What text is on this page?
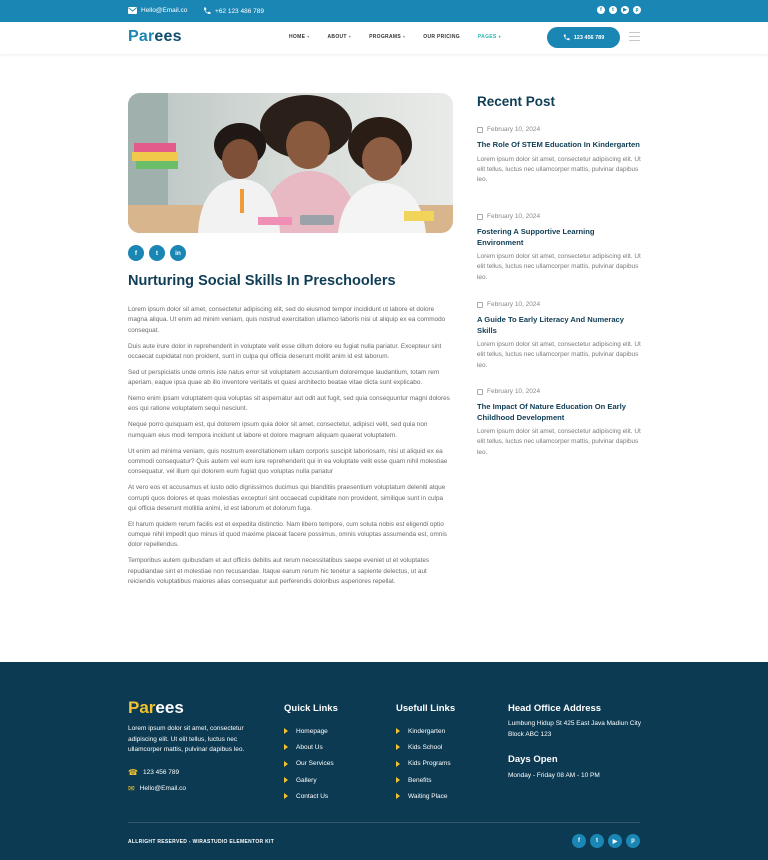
Hello@Email.co	+62 123 486 789	f	t	▶	p
Parees	HOME ▾	ABOUT ▾	PROGRAMS ▾	OUR PRICING	PAGES ▾	123 456 789
f	t	in
Nurturing Social Skills In Preschoolers

Lorem ipsum dolor sit amet, consectetur adipiscing elit, sed do eiusmod tempor incididunt ut labore et dolore magna aliqua. Ut enim ad minim veniam, quis nostrud exercitation ullamco laboris nisi ut aliquip ex ea commodo consequat.

Duis aute irure dolor in reprehenderit in voluptate velit esse cillum dolore eu fugiat nulla pariatur. Excepteur sint occaecat cupidatat non proident, sunt in culpa qui officia deserunt mollit anim id est laborum.

Sed ut perspiciatis unde omnis iste natus error sit voluptatem accusantium doloremque laudantium, totam rem aperiam, eaque ipsa quae ab illo inventore veritatis et quasi architecto beatae vitae dicta sunt explicabo.

Nemo enim ipsam voluptatem quia voluptas sit aspernatur aut odit aut fugit, sed quia consequuntur magni dolores eos qui ratione voluptatem sequi nesciunt.

Neque porro quisquam est, qui dolorem ipsum quia dolor sit amet, consectetur, adipisci velit, sed quia non numquam eius modi tempora incidunt ut labore et dolore magnam aliquam quaerat voluptatem.

Ut enim ad minima veniam, quis nostrum exercitationem ullam corporis suscipit laboriosam, nisi ut aliquid ex ea commodi consequatur? Quis autem vel eum iure reprehenderit qui in ea voluptate velit esse quam nihil molestiae consequatur, vel illum qui dolorem eum fugiat quo voluptas nulla pariatur

At vero eos et accusamus et iusto odio dignissimos ducimus qui blanditiis praesentium voluptatum deleniti atque corrupti quos dolores et quas molestias excepturi sint occaecati cupiditate non provident, similique sunt in culpa qui officia deserunt mollitia animi, id est laborum et dolorum fuga.

Et harum quidem rerum facilis est et expedita distinctio. Nam libero tempore, cum soluta nobis est eligendi optio cumque nihil impedit quo minus id quod maxime placeat facere possimus, omnis voluptas assumenda est, omnis dolor repellendus.

Temporibus autem quibusdam et aut officiis debitis aut rerum necessitatibus saepe eveniet ut et voluptates repudiandae sint et molestiae non recusandae. Itaque earum rerum hic tenetur a sapiente delectus, ut aut reiciendis voluptatibus maiores alias consequatur aut perferendis doloribus asperiores repellat.

Recent Post
February 10, 2024
The Role Of STEM Education In Kindergarten
Lorem ipsum dolor sit amet, consectetur adipiscing elit. Ut elit tellus, luctus nec ullamcorper mattis, pulvinar dapibus leo.
February 10, 2024
Fostering A Supportive Learning Environment
Lorem ipsum dolor sit amet, consectetur adipiscing elit. Ut elit tellus, luctus nec ullamcorper mattis, pulvinar dapibus leo.
February 10, 2024
A Guide To Early Literacy And Numeracy Skills
Lorem ipsum dolor sit amet, consectetur adipiscing elit. Ut elit tellus, luctus nec ullamcorper mattis, pulvinar dapibus leo.
February 10, 2024
The Impact Of Nature Education On Early Childhood Development
Lorem ipsum dolor sit amet, consectetur adipiscing elit. Ut elit tellus, luctus nec ullamcorper mattis, pulvinar dapibus leo.
Parees
Lorem ipsum dolor sit amet, consectetur adipiscing elit. Ut elit tellus, luctus nec ullamcorper mattis, pulvinar dapibus leo.
☎ 123 456 789
✉ Hello@Email.co
Quick Links
Homepage
About Us
Our Services
Gallery
Contact Us
Usefull Links
Kindergarten
Kids School
Kids Programs
Benefits
Waiting Place
Head Office Address
Lumbung Hidup St 425 East Java Madiun City Block ABC 123
Days Open
Monday - Friday 08 AM - 10 PM
ALLRIGHT RESERVED - WIRASTUDIO ELEMENTOR KIT	f	t	▶	p
